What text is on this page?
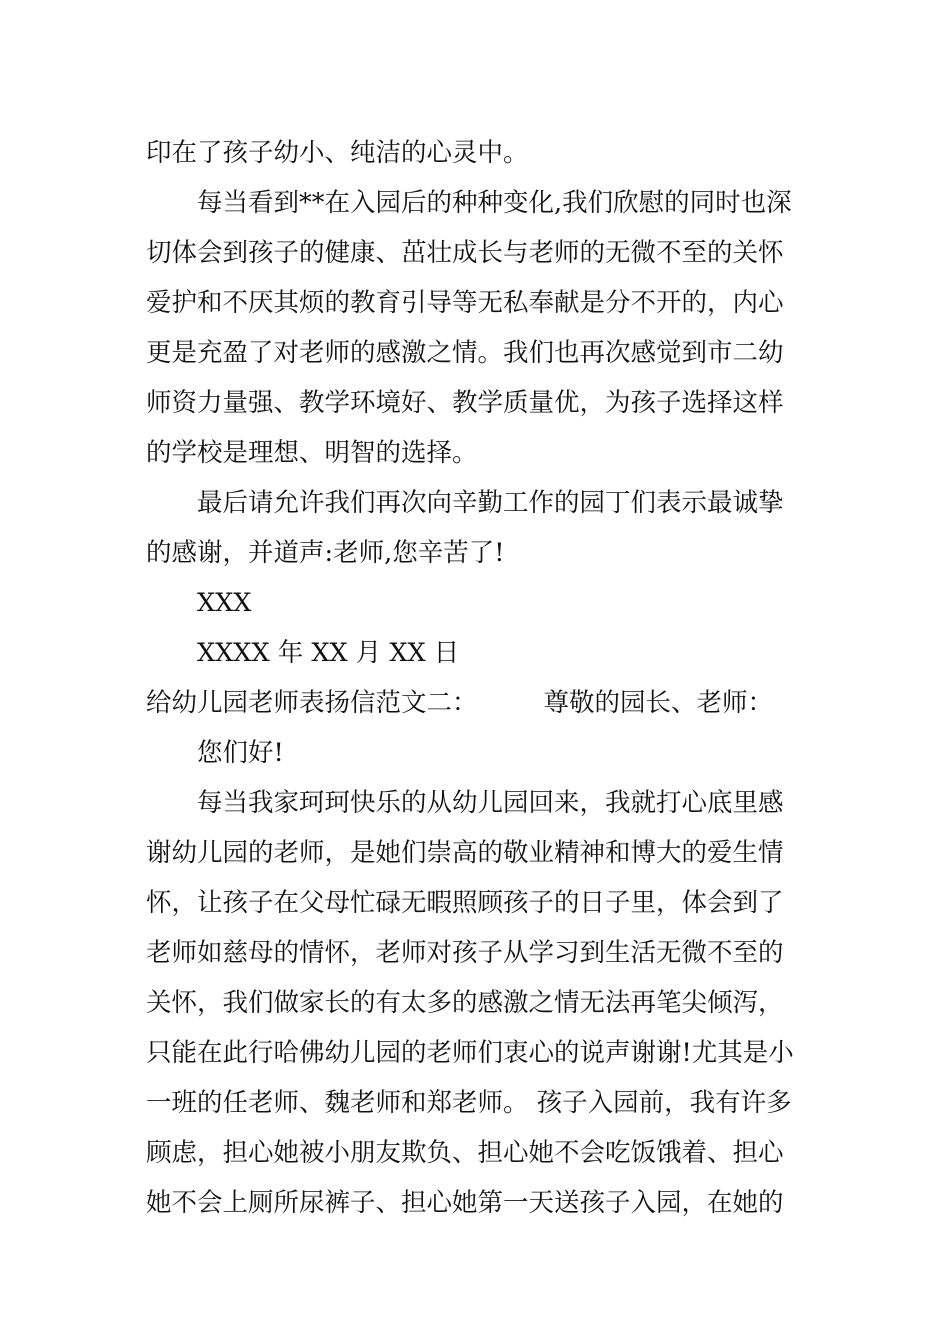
印在了孩子幼小、纯洁的心灵中。
每当看到**在入园后的种种变化,我们欣慰的同时也深
切体会到孩子的健康、茁壮成长与老师的无微不至的关怀
爱护和不厌其烦的教育引导等无私奉献是分不开的，内心
更是充盈了对老师的感激之情。我们也再次感觉到市二幼
师资力量强、教学环境好、教学质量优，为孩子选择这样
的学校是理想、明智的选择。
最后请允许我们再次向辛勤工作的园丁们表示最诚挚
的感谢，并道声:老师,您辛苦了!
XXX
XXXX 年 XX 月 XX 日
给幼儿园老师表扬信范文二：	尊敬的园长、老师：
您们好!
每当我家珂珂快乐的从幼儿园回来，我就打心底里感
谢幼儿园的老师，是她们崇高的敬业精神和博大的爱生情
怀，让孩子在父母忙碌无暇照顾孩子的日子里，体会到了
老师如慈母的情怀，老师对孩子从学习到生活无微不至的
关怀，我们做家长的有太多的感激之情无法再笔尖倾泻，
只能在此行哈佛幼儿园的老师们衷心的说声谢谢!尤其是小
一班的任老师、魏老师和郑老师。 孩子入园前，我有许多
顾虑，担心她被小朋友欺负、担心她不会吃饭饿着、担心
她不会上厕所尿裤子、担心她第一天送孩子入园，在她的
